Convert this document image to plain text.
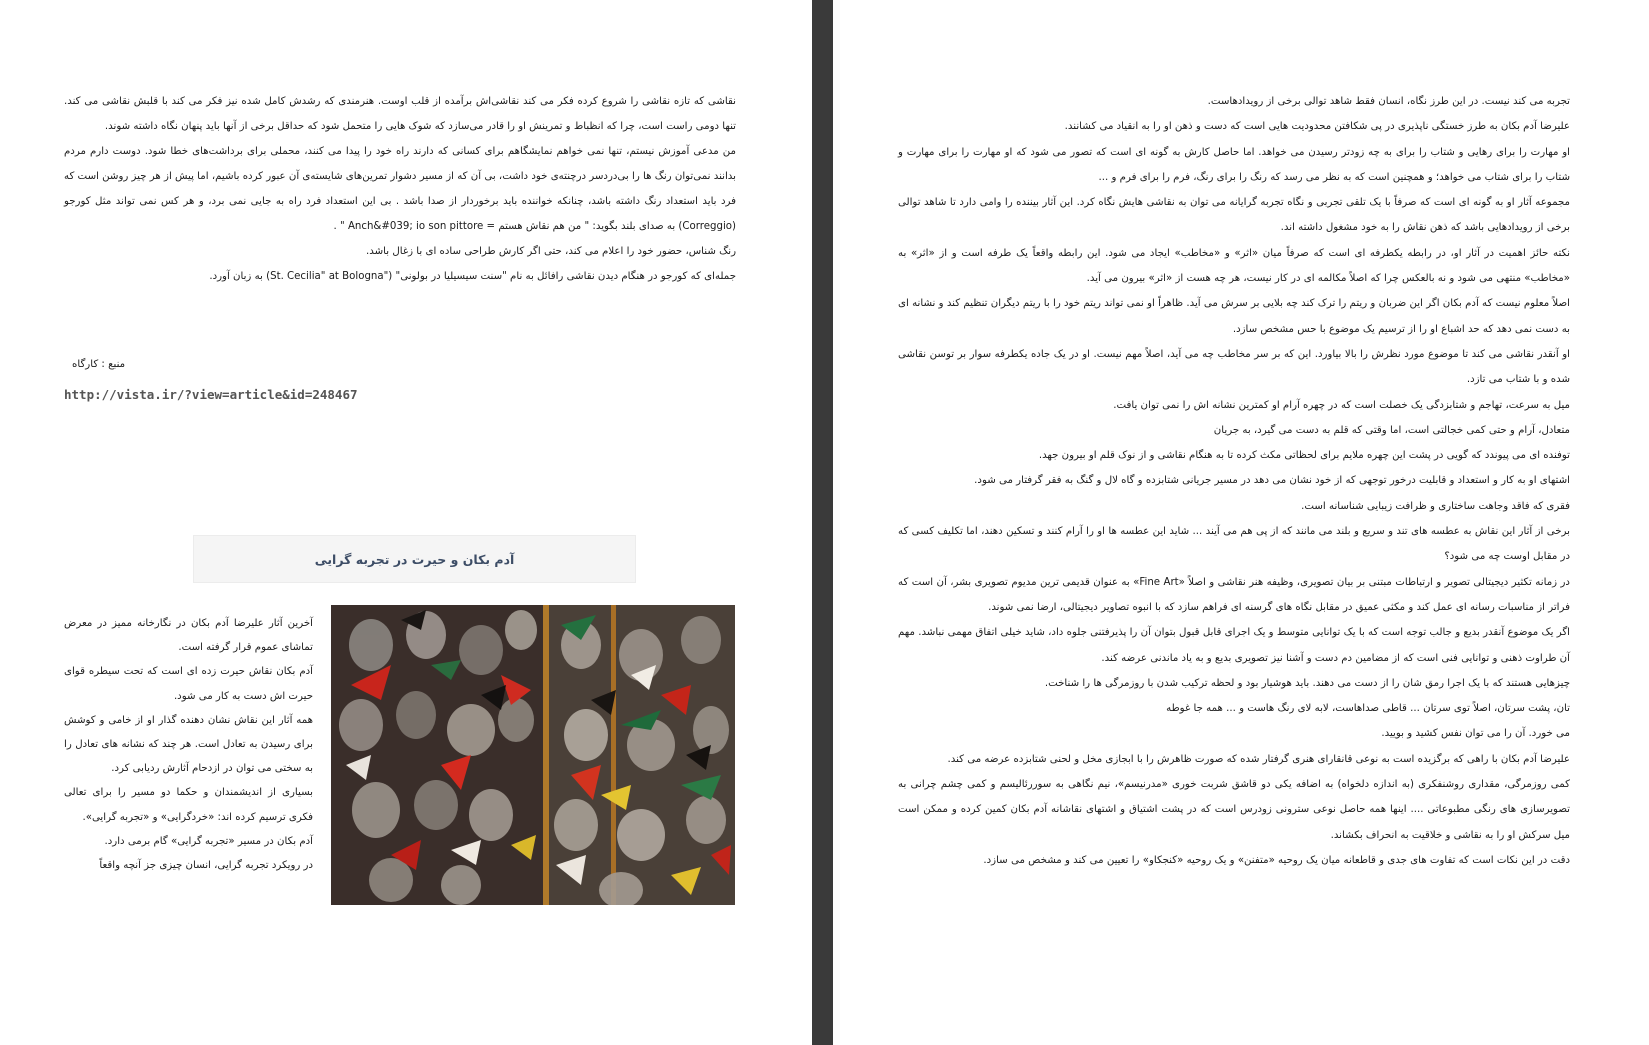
نقاشی که تازه نقاشی را شروع کرده فکر می کند نقاشی‌اش برآمده از قلب اوست. هنرمندی که رشدش کامل شده نیز فکر می کند با قلبش نقاشی می کند. تنها دومی راست است، چرا که انظباط و تمرینش او را قادر می‌سازد که شوک هایی را متحمل شود که حداقل برخی از آنها باید پنهان نگاه داشته شوند.

من مدعی آموزش نیستم، تنها نمی خواهم نمایشگاهم برای کسانی که دارند راه خود را پیدا می کنند، محملی برای برداشت‌های خطا شود. دوست دارم مردم بدانند نمی‌توان رنگ ها را بی‌دردسر درچنته‌ی خود داشت، بی آن که از مسیر دشوار تمرین‌های شایسته‌ی آن عبور کرده باشیم، اما پیش از هر چیز روشن است که فرد باید استعداد رنگ داشته باشد، چنانکه خواننده باید برخوردار از صدا باشد . بی این استعداد فرد راه به جایی نمی برد، و هر کس نمی تواند مثل کورجو (Correggio) به صدای بلند بگوید: " من هم نقاش هستم = Anch&#039; io son pittore " .

رنگ شناس، حضور خود را اعلام می کند، حتی اگر کارش طراحی ساده ای با زغال باشد.

جمله‌ای که کورجو در هنگام دیدن نقاشی رافائل به نام "سنت سیسیلیا در بولونی" ("St. Cecilia" at Bologna) به زبان آورد.

منبع : کارگاه
http://vista.ir/?view=article&id=248467
آدم بکان و حیرت در تجربه گرایی

آخرین آثار علیرضا آدم بکان در نگارخانه ممیز در معرض تماشای عموم قرار گرفته است.

آدم بکان نقاش حیرت زده ای است که تحت سیطره قوای حیرت اش دست به کار می شود.

همه آثار این نقاش نشان دهنده گذار او از خامی و کوشش برای رسیدن به تعادل است. هر چند که نشانه های تعادل را به سختی می توان در ازدحام آثارش ردیابی کرد.

بسیاری از اندیشمندان و حکما دو مسیر را برای تعالی فکری ترسیم کرده اند: «خردگرایی» و «تجربه گرایی».

آدم بکان در مسیر «تجربه گرایی» گام برمی دارد.

در رویکرد تجربه گرایی، انسان چیزی جز آنچه واقعاً

تجربه می کند نیست. در این طرز نگاه، انسان فقط شاهد توالی برخی از رویدادهاست.

علیرضا آدم بکان به طرز خستگی ناپذیری در پی شکافتن محدودیت هایی است که دست و ذهن او را به انقیاد می کشانند.

او مهارت را برای رهایی و شتاب را برای به چه زودتر رسیدن می خواهد. اما حاصل کارش به گونه ای است که تصور می شود که او مهارت را برای مهارت و شتاب را برای شتاب می خواهد؛ و همچنین است که به نظر می رسد که رنگ را برای رنگ، فرم را برای فرم و ...

مجموعه آثار او به گونه ای است که صرفاً با یک تلقی تجربی و نگاه تجربه گرایانه می توان به نقاشی هایش نگاه کرد. این آثار بیننده را وامی دارد تا شاهد توالی برخی از رویدادهایی باشد که ذهن نقاش را به خود مشغول داشته اند.

نکته حائز اهمیت در آثار او، در رابطه یکطرفه ای است که صرفاً میان «اثر» و «مخاطب» ایجاد می شود. این رابطه واقعاً یک طرفه است و از «اثر» به «مخاطب» منتهی می شود و نه بالعکس چرا که اصلاً مکالمه ای در کار نیست، هر چه هست از «اثر» بیرون می آید.

اصلاً معلوم نیست که آدم بکان اگر این ضربان و ریتم را ترک کند چه بلایی بر سرش می آید. ظاهراً او نمی تواند ریتم خود را با ریتم دیگران تنظیم کند و نشانه ای به دست نمی دهد که حد اشباع او را از ترسیم یک موضوع با حس مشخص سازد.

او آنقدر نقاشی می کند تا موضوع مورد نظرش را بالا بیاورد. این که بر سر مخاطب چه می آید، اصلاً مهم نیست. او در یک جاده یکطرفه سوار بر توسن نقاشی شده و با شتاب می تازد.

میل به سرعت، تهاجم و شتابزدگی یک خصلت است که در چهره آرام او کمترین نشانه اش را نمی توان یافت.

متعادل، آرام و حتی کمی خجالتی است، اما وقتی که قلم به دست می گیرد، به جریان

توفنده ای می پیوندد که گویی در پشت این چهره ملایم برای لحظاتی مکث کرده تا به هنگام نقاشی و از نوک قلم او بیرون جهد.

اشتهای او به کار و استعداد و قابلیت درخور توجهی که از خود نشان می دهد در مسیر جریانی شتابزده و گاه لال و گنگ به فقر گرفتار می شود.

فقری که فاقد وجاهت ساختاری و ظرافت زیبایی شناسانه است.

برخی از آثار این نقاش به عطسه های تند و سریع و بلند می مانند که از پی هم می آیند ... شاید این عطسه ها او را آرام کنند و تسکین دهند، اما تکلیف کسی که در مقابل اوست چه می شود؟

در زمانه تکثیر دیجیتالی تصویر و ارتباطات مبتنی بر بیان تصویری، وظیفه هنر نقاشی و اصلاً «Fine Art» به عنوان قدیمی ترین مدیوم تصویری بشر، آن است که فراتر از مناسبات رسانه ای عمل کند و مکثی عمیق در مقابل نگاه های گرسنه ای فراهم سازد که با انبوه تصاویر دیجیتالی، ارضا نمی شوند.

اگر یک موضوع آنقدر بدیع و جالب توجه است که با یک توانایی متوسط و یک اجرای قابل قبول بتوان آن را پذیرفتنی جلوه داد، شاید خیلی اتفاق مهمی نباشد. مهم آن طراوت ذهنی و توانایی فنی است که از مضامین دم دست و آشنا نیز تصویری بدیع و به یاد ماندنی عرضه کند.

چیزهایی هستند که با یک اجرا رمق شان را از دست می دهند. باید هوشیار بود و لحظه ترکیب شدن با روزمرگی ها را شناخت.

تان، پشت سرتان، اصلاً توی سرتان ... قاطی صداهاست، لابه لای رنگ هاست و ... همه جا غوطه

می خورد. آن را می توان نفس کشید و بویید.

علیرضا آدم بکان با راهی که برگزیده است به نوعی قانقارای هنری گرفتار شده که صورت ظاهرش را با ابجازی مخل و لحنی شتابزده عرضه می کند.

کمی روزمرگی، مقداری روشنفکری (به اندازه دلخواه) به اضافه یکی دو قاشق شربت خوری «مدرنیسم»، نیم نگاهی به سوررئالیسم و کمی چشم چرانی به تصویرسازی های رنگی مطبوعاتی .... اینها همه حاصل نوعی سترونی زودرس است که در پشت اشتیاق و اشتهای نقاشانه آدم بکان کمین کرده و ممکن است میل سرکش او را به نقاشی و خلاقیت به انحراف بکشاند.

دقت در این نکات است که تفاوت های جدی و قاطعانه میان یک روحیه «متفنن» و یک روحیه «کنجکاو» را تعیین می کند و مشخص می سازد.
